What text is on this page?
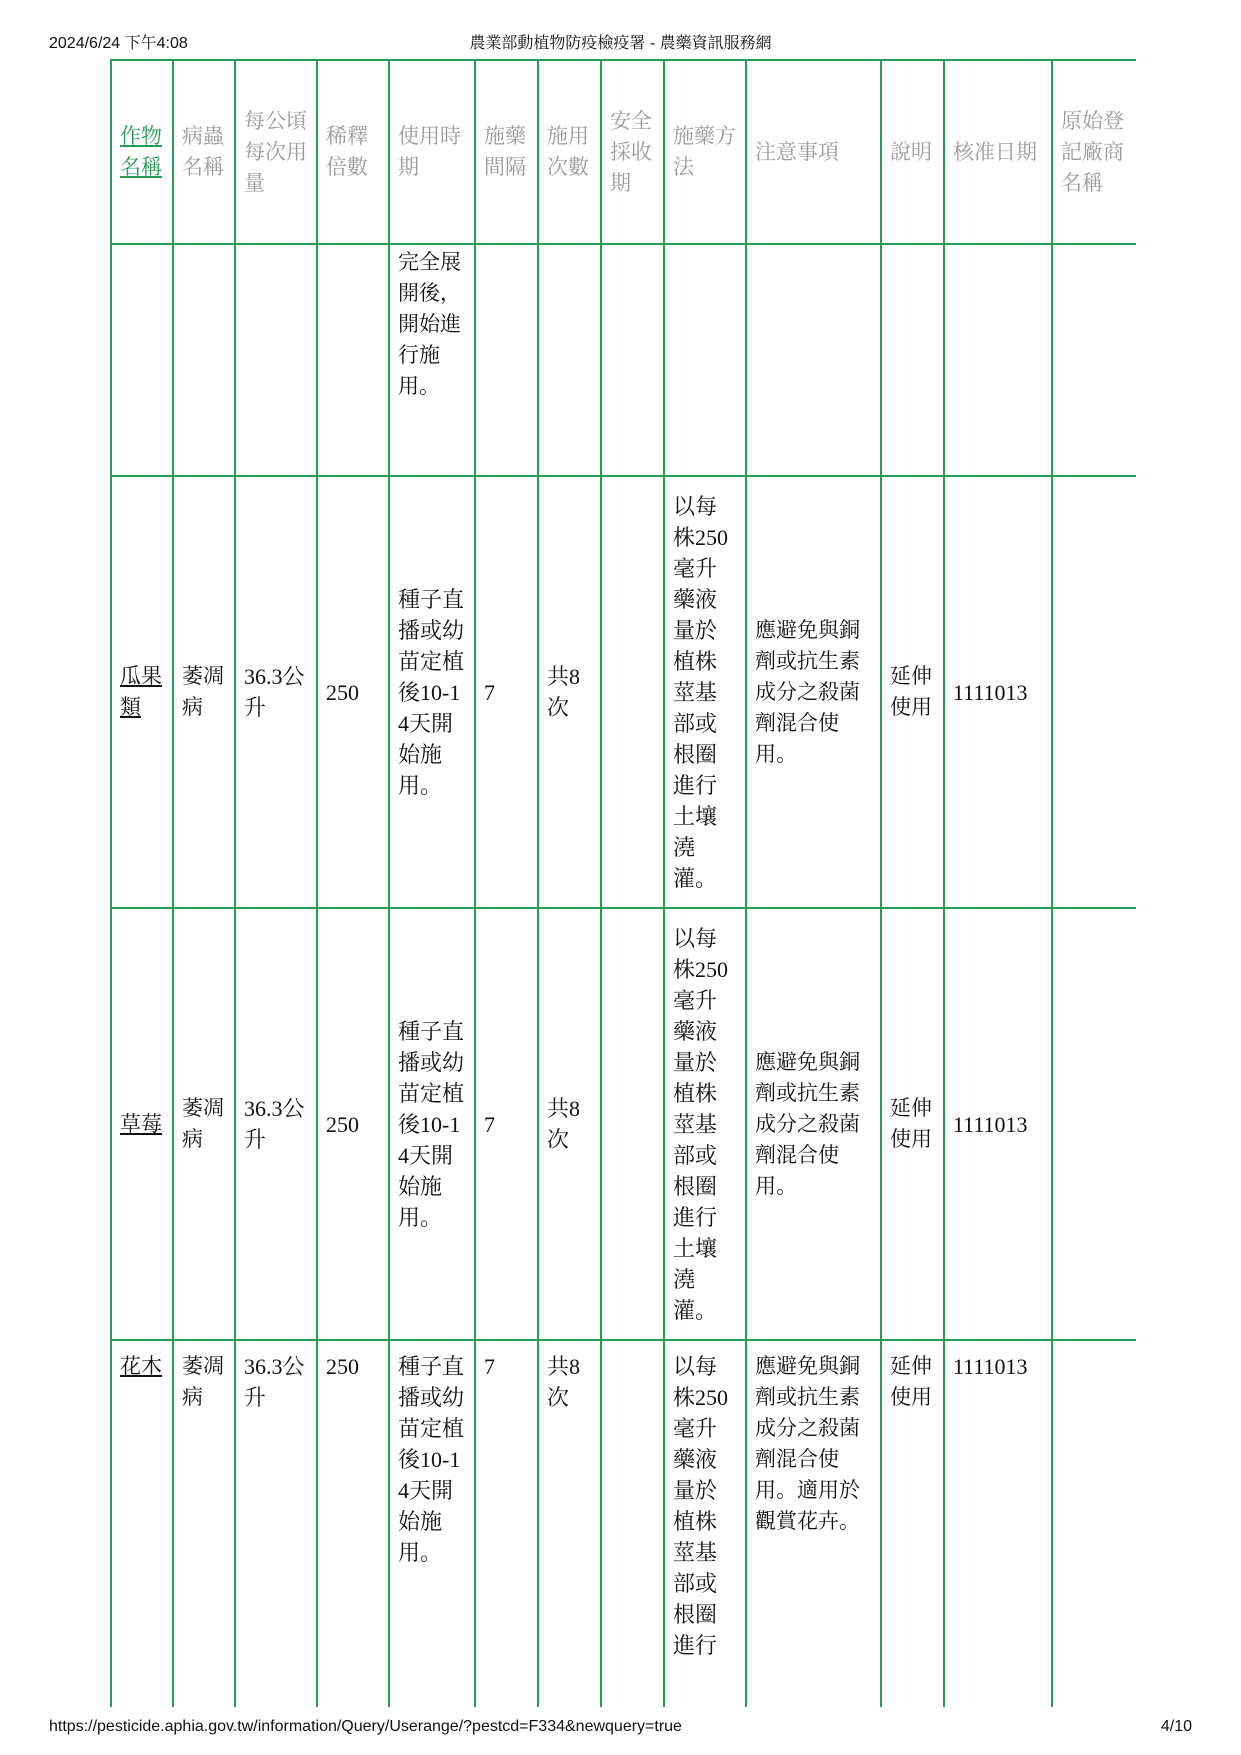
2024/6/24 下午4:08	農業部動植物防疫檢疫署 - 農藥資訊服務網
作物名稱	病蟲名稱	每公頃每次用量	稀釋倍數	使用時期	施藥間隔	施用次數	安全採收期	施藥方法	注意事項	說明	核准日期	原始登記廠商名稱
				完全展開後，開始進行施用。								
瓜果類	萎凋病	36.3公升	250	種子直播或幼苗定植後10-14天開始施用。	7	共8次		以每株250毫升藥液量於植株莖基部或根圈進行土壤澆灌。	應避免與銅劑或抗生素成分之殺菌劑混合使用。	延伸使用	1111013	
草莓	萎凋病	36.3公升	250	種子直播或幼苗定植後10-14天開始施用。	7	共8次		以每株250毫升藥液量於植株莖基部或根圈進行土壤澆灌。	應避免與銅劑或抗生素成分之殺菌劑混合使用。	延伸使用	1111013	
花木	萎凋病	36.3公升	250	種子直播或幼苗定植後10-14天開始施用。	7	共8次		以每株250毫升藥液量於植株莖基部或根圈進行	應避免與銅劑或抗生素成分之殺菌劑混合使用。適用於觀賞花卉。	延伸使用	1111013	
https://pesticide.aphia.gov.tw/information/Query/Userange/?pestcd=F334&newquery=true	4/10
